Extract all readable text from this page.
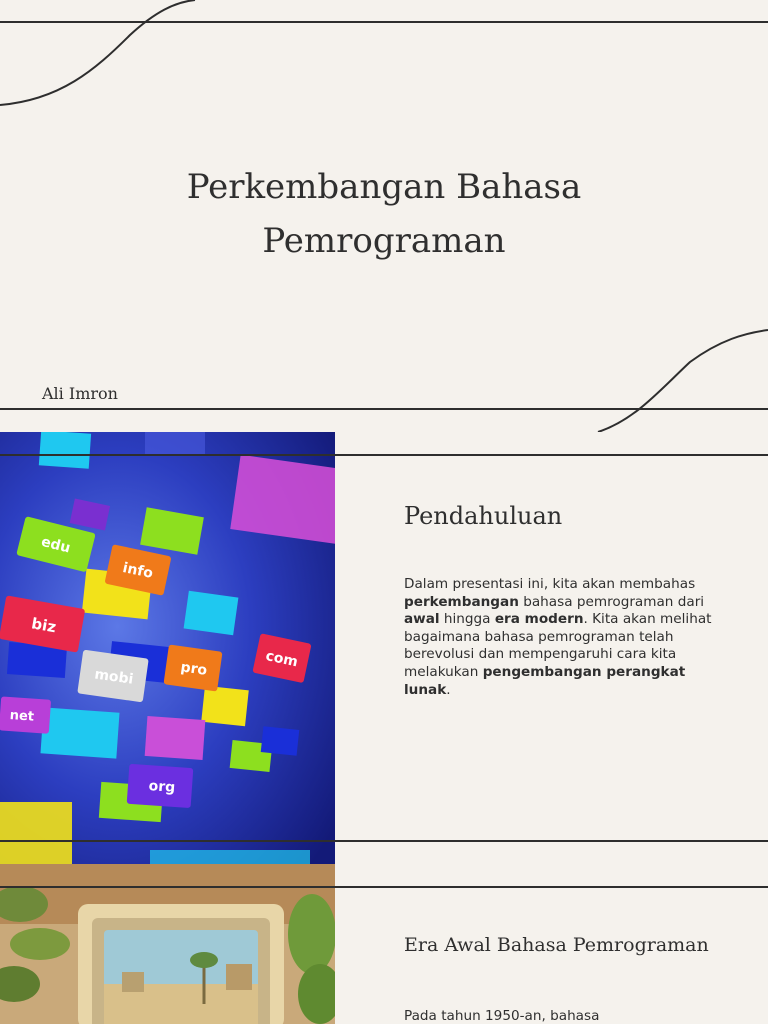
Perkembangan Bahasa
Pemrograman
Ali Imron
edu
info
biz
pro	com
mobi
net
org
Pendahuluan

Dalam presentasi ini, kita akan membahas perkembangan bahasa pemrograman dari awal hingga era modern. Kita akan melihat bagaimana bahasa pemrograman telah berevolusi dan mempengaruhi cara kita melakukan pengembangan perangkat lunak.

Era Awal Bahasa Pemrograman

Pada tahun 1950-an, bahasa
